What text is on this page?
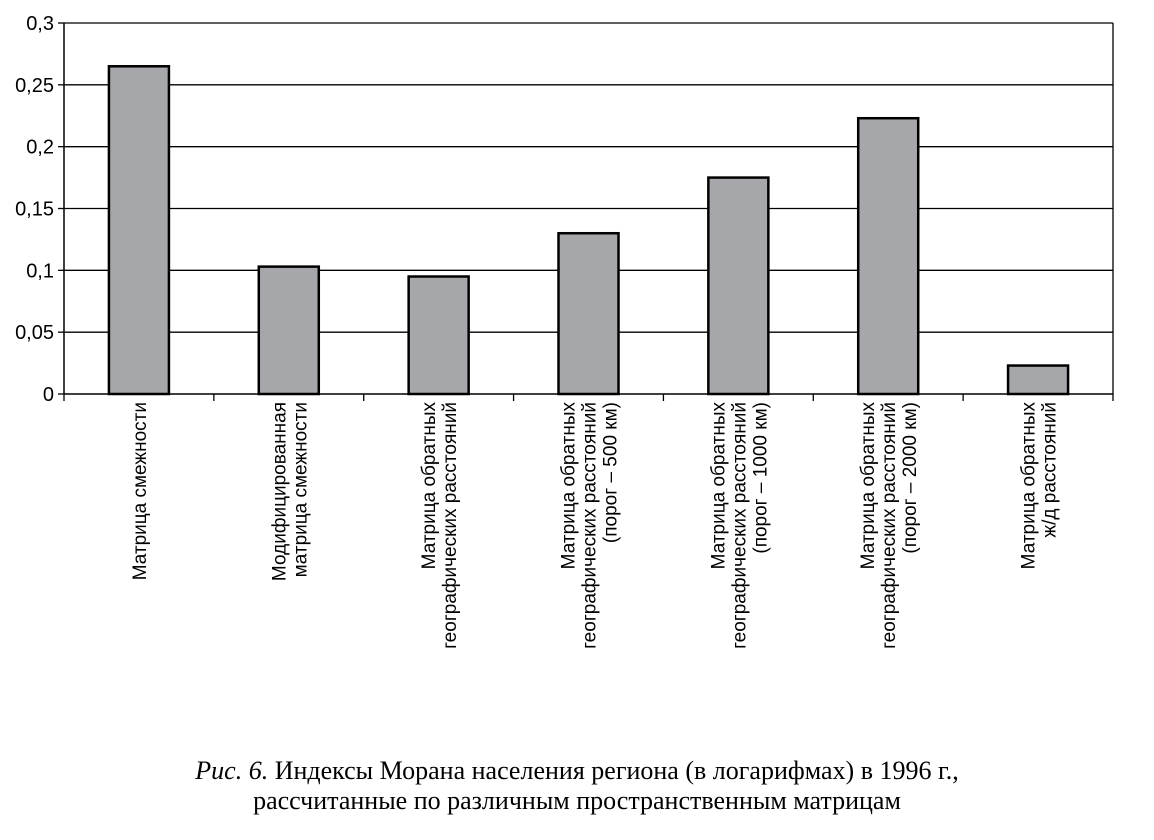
0
0,05
0,1
0,15
0,2
0,25
0,3
Матрица смежности	Модифицированная матрица смежности	Матрица обратных географических расстояний	Матрица обратных географических расстояний (порог – 500 км)	Матрица обратных географических расстояний (порог – 1000 км)	Матрица обратных географических расстояний (порог – 2000 км)	Матрица обратных ж/д расстояний
Рис. 6. Индексы Морана населения региона (в логарифмах) в 1996 г.,
рассчитанные по различным пространственным матрицам
